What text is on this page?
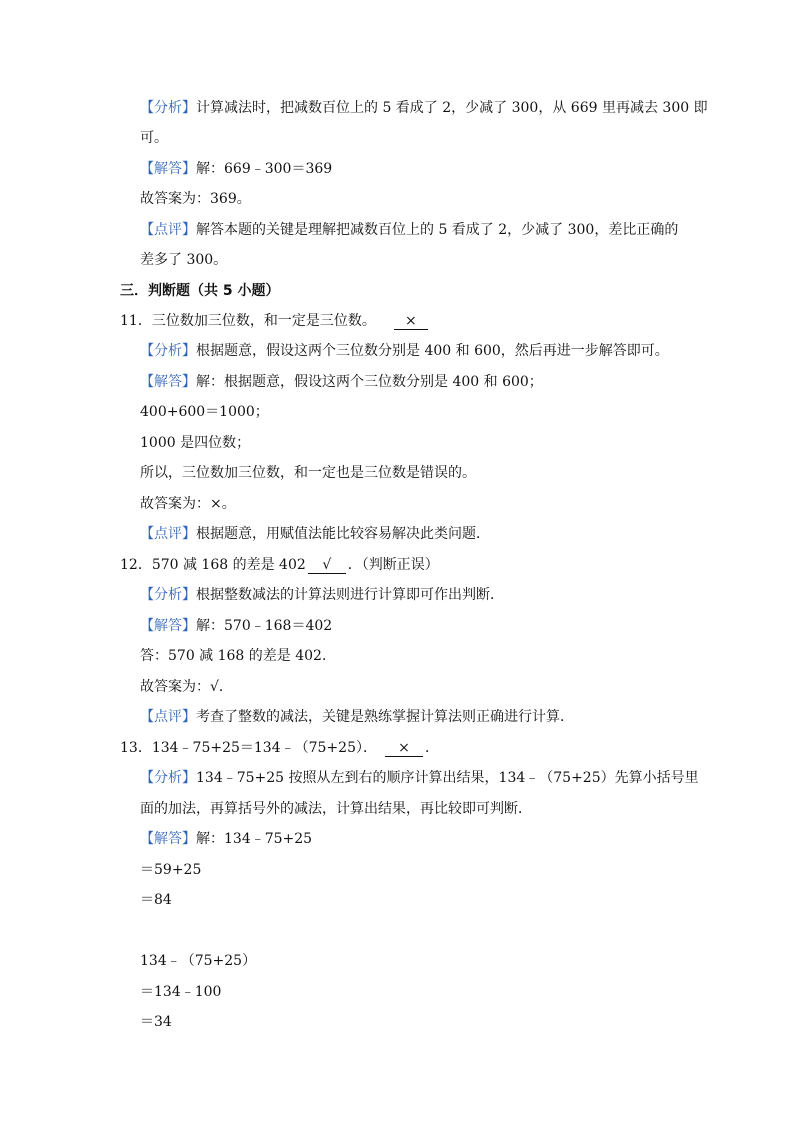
【分析】计算减法时，把减数百位上的 5 看成了 2，少减了 300，从 669 里再减去 300 即
可。
【解答】解：669﹣300＝369
故答案为：369。
【点评】解答本题的关键是理解把减数百位上的 5 看成了 2，少减了 300，差比正确的
差多了 300。
三．判断题（共 5 小题）
11．三位数加三位数，和一定是三位数。 ×
【分析】根据题意，假设这两个三位数分别是 400 和 600，然后再进一步解答即可。
【解答】解：根据题意，假设这两个三位数分别是 400 和 600；
400+600＝1000；
1000 是四位数；
所以，三位数加三位数，和一定也是三位数是错误的。
故答案为：×。
【点评】根据题意，用赋值法能比较容易解决此类问题．
12．570 减 168 的差是 402 √ ．（判断正误）
【分析】根据整数减法的计算法则进行计算即可作出判断．
【解答】解：570﹣168＝402
答：570 减 168 的差是 402．
故答案为：√．
【点评】考查了整数的减法，关键是熟练掌握计算法则正确进行计算．
13．134﹣75+25＝134﹣（75+25）． × ．
【分析】134﹣75+25 按照从左到右的顺序计算出结果，134﹣（75+25）先算小括号里
面的加法，再算括号外的减法，计算出结果，再比较即可判断．
【解答】解：134﹣75+25
＝59+25
＝84
134﹣（75+25）
＝134﹣100
＝34
